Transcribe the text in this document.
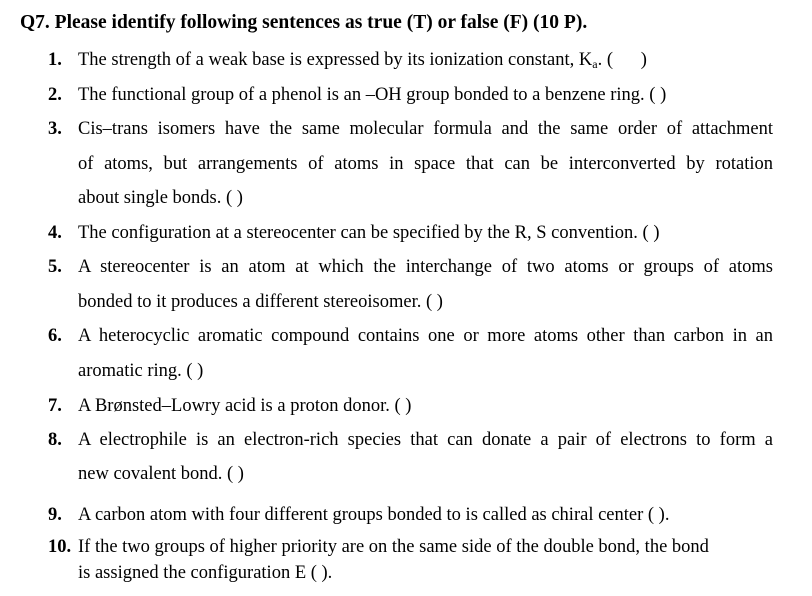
Q7. Please identify following sentences as true (T) or false (F) (10 P).
1. The strength of a weak base is expressed by its ionization constant, $K_a$. (      )
2. The functional group of a phenol is an –OH group bonded to a benzene ring. ( )
3. Cis–trans isomers have the same molecular formula and the same order of attachment
of atoms, but arrangements of atoms in space that can be interconverted by rotation
about single bonds. ( )
4. The configuration at a stereocenter can be specified by the R, S convention. ( )
5. A stereocenter is an atom at which the interchange of two atoms or groups of atoms
bonded to it produces a different stereoisomer. ( )
6. A heterocyclic aromatic compound contains one or more atoms other than carbon in an
aromatic ring. ( )
7. A Brønsted–Lowry acid is a proton donor. ( )
8. A electrophile is an electron-rich species that can donate a pair of electrons to form a
new covalent bond. ( )
9. A carbon atom with four different groups bonded to is called as chiral center ( ).
10. If the two groups of higher priority are on the same side of the double bond, the bond
is assigned the configuration E ( ).
